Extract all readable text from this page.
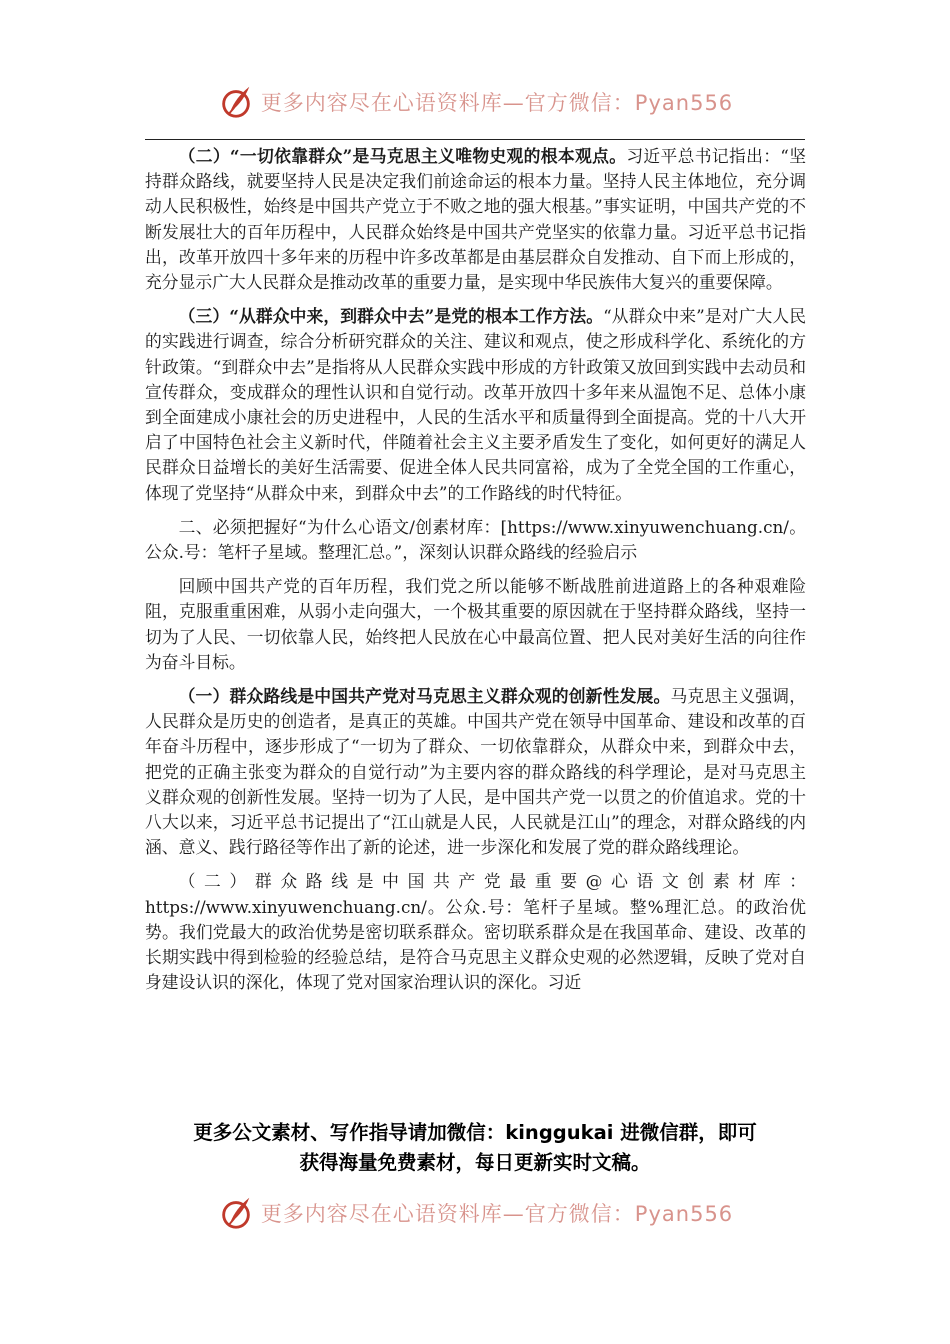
更多内容尽在心语资料库—官方微信：Pyan556

（二）“一切依靠群众”是马克思主义唯物史观的根本观点。习近平总书记指出：“坚持群众路线，就要坚持人民是决定我们前途命运的根本力量。坚持人民主体地位，充分调动人民积极性，始终是中国共产党立于不败之地的强大根基。”事实证明，中国共产党的不断发展壮大的百年历程中，人民群众始终是中国共产党坚实的依靠力量。习近平总书记指出，改革开放四十多年来的历程中许多改革都是由基层群众自发推动、自下而上形成的，充分显示广大人民群众是推动改革的重要力量，是实现中华民族伟大复兴的重要保障。

（三）“从群众中来，到群众中去”是党的根本工作方法。“从群众中来”是对广大人民的实践进行调查，综合分析研究群众的关注、建议和观点，使之形成科学化、系统化的方针政策。“到群众中去”是指将从人民群众实践中形成的方针政策又放回到实践中去动员和宣传群众，变成群众的理性认识和自觉行动。改革开放四十多年来从温饱不足、总体小康到全面建成小康社会的历史进程中，人民的生活水平和质量得到全面提高。党的十八大开启了中国特色社会主义新时代，伴随着社会主义主要矛盾发生了变化，如何更好的满足人民群众日益增长的美好生活需要、促进全体人民共同富裕，成为了全党全国的工作重心，体现了党坚持“从群众中来，到群众中去”的工作路线的时代特征。

二、必须把握好“为什么心语文/创素材库：[https://www.xinyuwenchuang.cn/。公众.号：笔杆子星域。整理汇总。”，深刻认识群众路线的经验启示

回顾中国共产党的百年历程，我们党之所以能够不断战胜前进道路上的各种艰难险阻，克服重重困难，从弱小走向强大，一个极其重要的原因就在于坚持群众路线，坚持一切为了人民、一切依靠人民，始终把人民放在心中最高位置、把人民对美好生活的向往作为奋斗目标。

（一）群众路线是中国共产党对马克思主义群众观的创新性发展。马克思主义强调，人民群众是历史的创造者，是真正的英雄。中国共产党在领导中国革命、建设和改革的百年奋斗历程中，逐步形成了“一切为了群众、一切依靠群众，从群众中来，到群众中去，把党的正确主张变为群众的自觉行动”为主要内容的群众路线的科学理论，是对马克思主义群众观的创新性发展。坚持一切为了人民，是中国共产党一以贯之的价值追求。党的十八大以来，习近平总书记提出了“江山就是人民，人民就是江山”的理念，对群众路线的内涵、意义、践行路径等作出了新的论述，进一步深化和发展了党的群众路线理论。

（二）群众路线是中国共产党最重要@心语文创素材库：https://www.xinyuwenchuang.cn/。公众.号：笔杆子星域。整%理汇总。的政治优势。我们党最大的政治优势是密切联系群众。密切联系群众是在我国革命、建设、改革的长期实践中得到检验的经验总结，是符合马克思主义群众史观的必然逻辑，反映了党对自身建设认识的深化，体现了党对国家治理认识的深化。习近

更多公文素材、写作指导请加微信：kinggukai 进微信群，即可
获得海量免费素材，每日更新实时文稿。
更多内容尽在心语资料库—官方微信：Pyan556
